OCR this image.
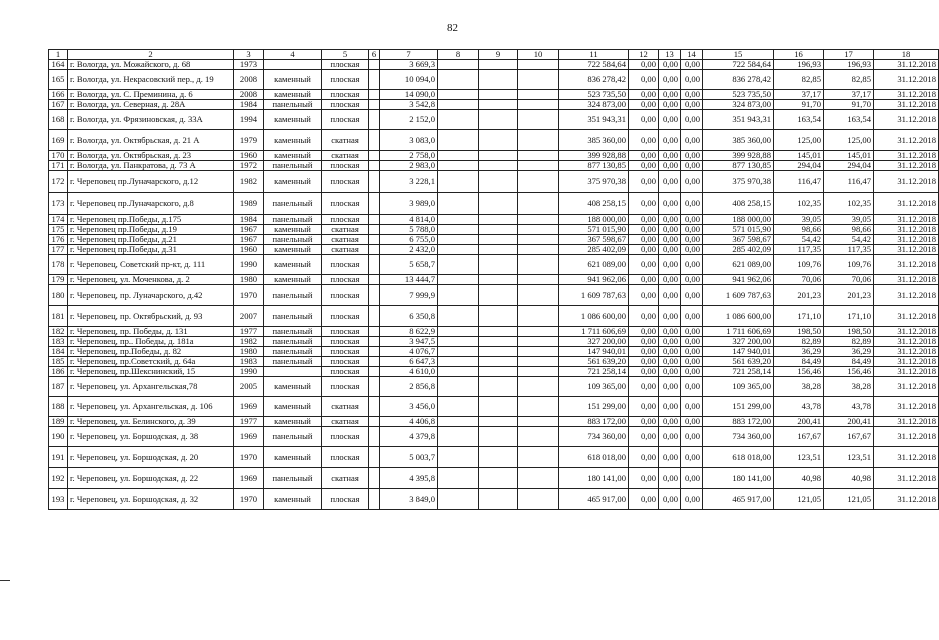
82
1	2	3	4	5	6	7	8	9	10	11	12	13	14	15	16	17	18
164	г. Вологда, ул. Можайского, д. 68	1973		плоская		3 669,3				722 584,64	0,00	0,00	0,00	722 584,64	196,93	196,93	31.12.2018
165	г. Вологда, ул. Некрасовский пер., д. 19	2008	каменный	плоская		10 094,0				836 278,42	0,00	0,00	0,00	836 278,42	82,85	82,85	31.12.2018
166	г. Вологда, ул. С. Преминина, д. 6	2008	каменный	плоская		14 090,0				523 735,50	0,00	0,00	0,00	523 735,50	37,17	37,17	31.12.2018
167	г. Вологда, ул. Северная, д. 28А	1984	панельный	плоская		3 542,8				324 873,00	0,00	0,00	0,00	324 873,00	91,70	91,70	31.12.2018
168	г. Вологда, ул. Фрязиновская, д. 33А	1994	каменный	плоская		2 152,0				351 943,31	0,00	0,00	0,00	351 943,31	163,54	163,54	31.12.2018
169	г. Вологда, ул. Октябрьская, д. 21 А	1979	каменный	скатная		3 083,0				385 360,00	0,00	0,00	0,00	385 360,00	125,00	125,00	31.12.2018
170	г. Вологда, ул. Октябрьская, д. 23	1960	каменный	скатная		2 758,0				399 928,88	0,00	0,00	0,00	399 928,88	145,01	145,01	31.12.2018
171	г. Вологда, ул. Панкратова, д. 73 А	1972	панельный	плоская		2 983,0				877 130,85	0,00	0,00	0,00	877 130,85	294,04	294,04	31.12.2018
172	г. Череповец пр.Луначарского, д.12	1982	каменный	плоская		3 228,1				375 970,38	0,00	0,00	0,00	375 970,38	116,47	116,47	31.12.2018
173	г. Череповец пр.Луначарского, д.8	1989	панельный	плоская		3 989,0				408 258,15	0,00	0,00	0,00	408 258,15	102,35	102,35	31.12.2018
174	г. Череповец пр.Победы, д.175	1984	панельный	плоская		4 814,0				188 000,00	0,00	0,00	0,00	188 000,00	39,05	39,05	31.12.2018
175	г. Череповец пр.Победы, д.19	1967	каменный	скатная		5 788,0				571 015,90	0,00	0,00	0,00	571 015,90	98,66	98,66	31.12.2018
176	г. Череповец пр.Победы, д.21	1967	панельный	скатная		6 755,0				367 598,67	0,00	0,00	0,00	367 598,67	54,42	54,42	31.12.2018
177	г. Череповец пр.Победы, д.31	1960	каменный	скатная		2 432,0				285 402,09	0,00	0,00	0,00	285 402,09	117,35	117,35	31.12.2018
178	г. Череповец, Советский пр-кт, д. 111	1990	каменный	плоская		5 658,7				621 089,00	0,00	0,00	0,00	621 089,00	109,76	109,76	31.12.2018
179	г. Череповец, ул. Моченкова, д. 2	1980	каменный	плоская		13 444,7				941 962,06	0,00	0,00	0,00	941 962,06	70,06	70,06	31.12.2018
180	г. Череповец, пр. Луначарского, д.42	1970	панельный	плоская		7 999,9				1 609 787,63	0,00	0,00	0,00	1 609 787,63	201,23	201,23	31.12.2018
181	г. Череповец, пр. Октябрьский, д. 93	2007	панельный	плоская		6 350,8				1 086 600,00	0,00	0,00	0,00	1 086 600,00	171,10	171,10	31.12.2018
182	г. Череповец, пр. Победы, д. 131	1977	панельный	плоская		8 622,9				1 711 606,69	0,00	0,00	0,00	1 711 606,69	198,50	198,50	31.12.2018
183	г. Череповец, пр.. Победы, д. 181а	1982	панельный	плоская		3 947,5				327 200,00	0,00	0,00	0,00	327 200,00	82,89	82,89	31.12.2018
184	г. Череповец, пр.Победы, д. 82	1980	панельный	плоская		4 076,7				147 940,01	0,00	0,00	0,00	147 940,01	36,29	36,29	31.12.2018
185	г. Череповец, пр.Советский, д. 64а	1983	панельный	плоская		6 647,3				561 639,20	0,00	0,00	0,00	561 639,20	84,49	84,49	31.12.2018
186	г. Череповец, пр.Шекснинский, 15	1990		плоская		4 610,0				721 258,14	0,00	0,00	0,00	721 258,14	156,46	156,46	31.12.2018
187	г. Череповец, ул. Архангельская,78	2005	каменный	плоская		2 856,8				109 365,00	0,00	0,00	0,00	109 365,00	38,28	38,28	31.12.2018
188	г. Череповец, ул. Архангельская, д. 106	1969	каменный	скатная		3 456,0				151 299,00	0,00	0,00	0,00	151 299,00	43,78	43,78	31.12.2018
189	г. Череповец, ул. Белинского, д. 39	1977	каменный	скатная		4 406,8				883 172,00	0,00	0,00	0,00	883 172,00	200,41	200,41	31.12.2018
190	г. Череповец, ул. Боршодская, д. 38	1969	панельный	плоская		4 379,8				734 360,00	0,00	0,00	0,00	734 360,00	167,67	167,67	31.12.2018
191	г. Череповец, ул. Боршодская, д. 20	1970	каменный	плоская		5 003,7				618 018,00	0,00	0,00	0,00	618 018,00	123,51	123,51	31.12.2018
192	г. Череповец, ул. Боршодская, д. 22	1969	панельный	скатная		4 395,8				180 141,00	0,00	0,00	0,00	180 141,00	40,98	40,98	31.12.2018
193	г. Череповец, ул. Боршодская, д. 32	1970	каменный	плоская		3 849,0				465 917,00	0,00	0,00	0,00	465 917,00	121,05	121,05	31.12.2018
